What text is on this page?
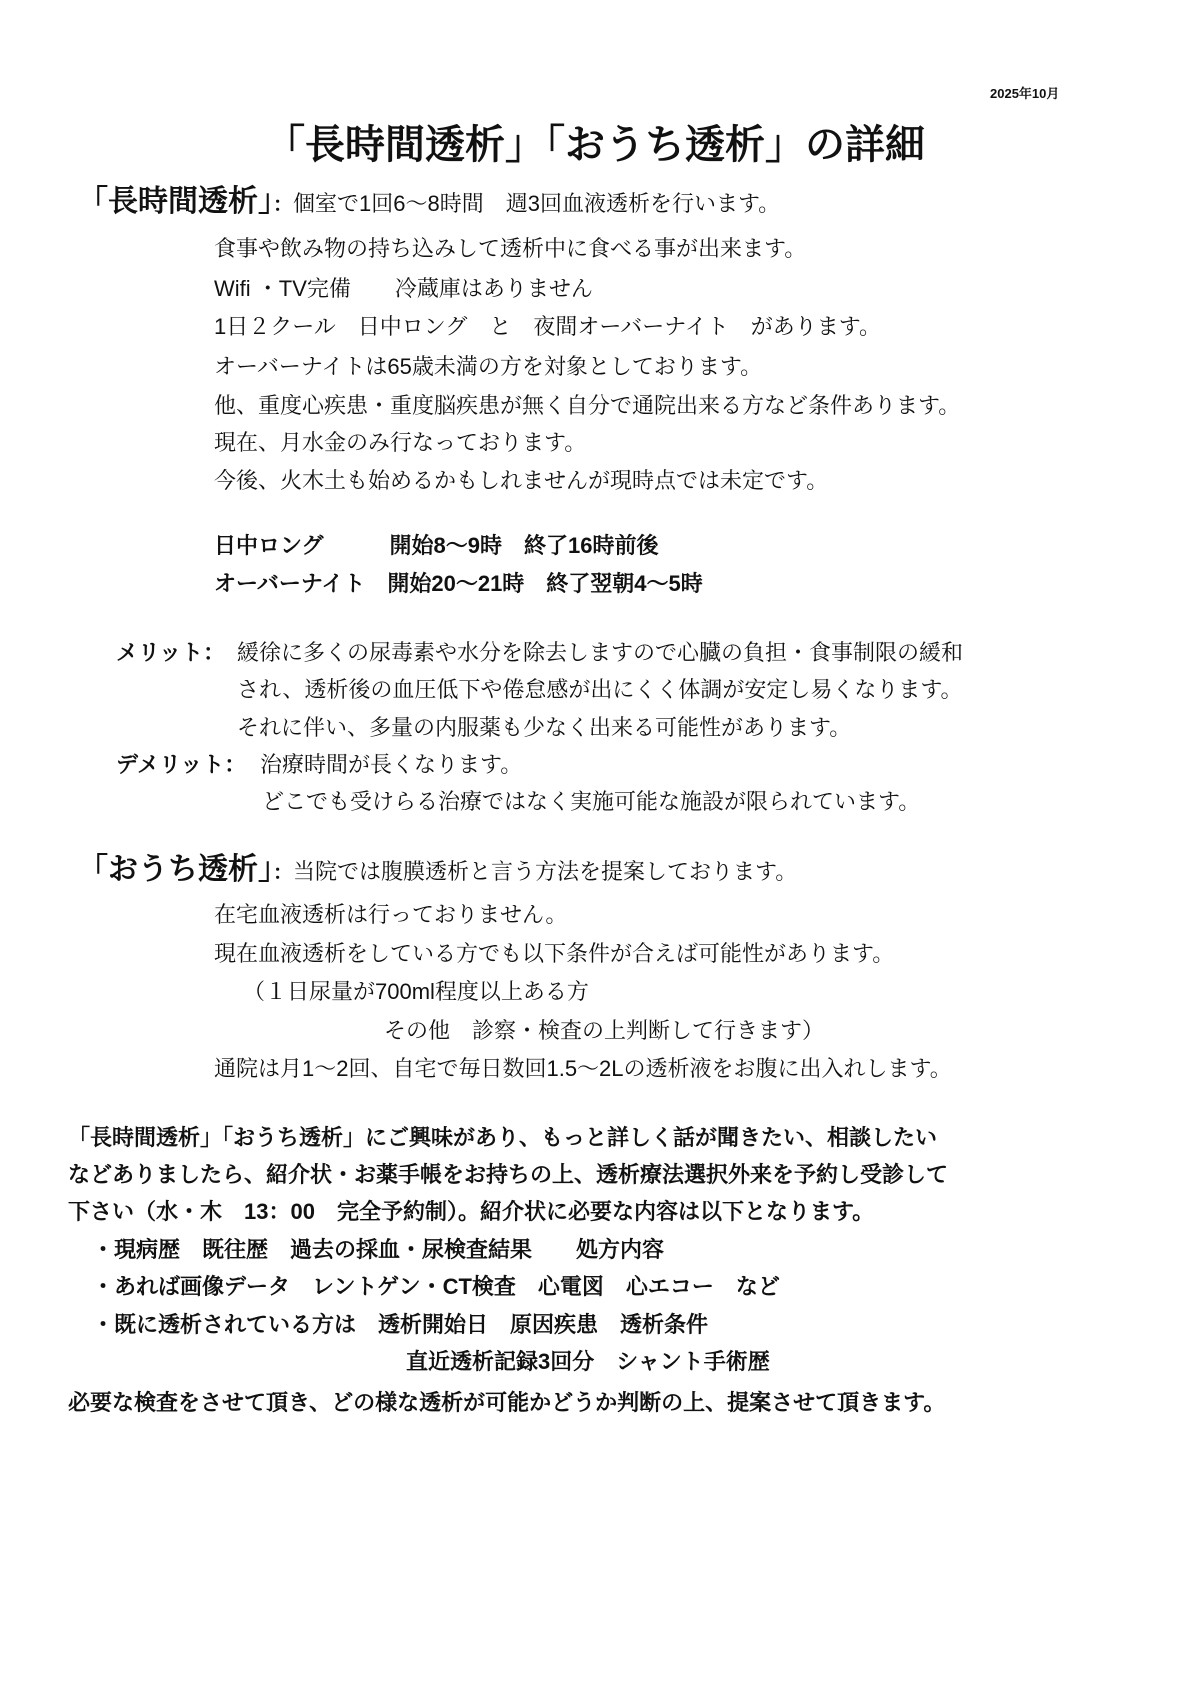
2025年10月
「長時間透析」「おうち透析」の詳細
「長時間透析」：個室で1回6～8時間　週3回血液透析を行います。
食事や飲み物の持ち込みして透析中に食べる事が出来ます。
Wifi ・TV完備　　冷蔵庫はありません
1日２クール　日中ロング　と　夜間オーバーナイト　があります。
オーバーナイトは65歳未満の方を対象としております。
他、重度心疾患・重度脳疾患が無く自分で通院出来る方など条件あります。
現在、月水金のみ行なっております。
今後、火木土も始めるかもしれませんが現時点では未定です。
日中ロング　　　開始8～9時　終了16時前後
オーバーナイト　開始20～21時　終了翌朝4～5時
メリット： 緩徐に多くの尿毒素や水分を除去しますので心臓の負担・食事制限の緩和
され、透析後の血圧低下や倦怠感が出にくく体調が安定し易くなります。
それに伴い、多量の内服薬も少なく出来る可能性があります。
デメリット： 治療時間が長くなります。
どこでも受けらる治療ではなく実施可能な施設が限られています。
「おうち透析」：当院では腹膜透析と言う方法を提案しております。
在宅血液透析は行っておりません。
現在血液透析をしている方でも以下条件が合えば可能性があります。
（１日尿量が700ml程度以上ある方
その他　診察・検査の上判断して行きます）
通院は月1～2回、自宅で毎日数回1.5～2Lの透析液をお腹に出入れします。
「長時間透析」「おうち透析」にご興味があり、もっと詳しく話が聞きたい、相談したい
などありましたら、紹介状・お薬手帳をお持ちの上、透析療法選択外来を予約し受診して
下さい（水・木　13：00　完全予約制）。紹介状に必要な内容は以下となります。
・現病歴　既往歴　過去の採血・尿検査結果　　処方内容
・あれば画像データ　レントゲン・CT検査　心電図　心エコー　など
・既に透析されている方は　透析開始日　原因疾患　透析条件
直近透析記録3回分　シャント手術歴
必要な検査をさせて頂き、どの様な透析が可能かどうか判断の上、提案させて頂きます。
